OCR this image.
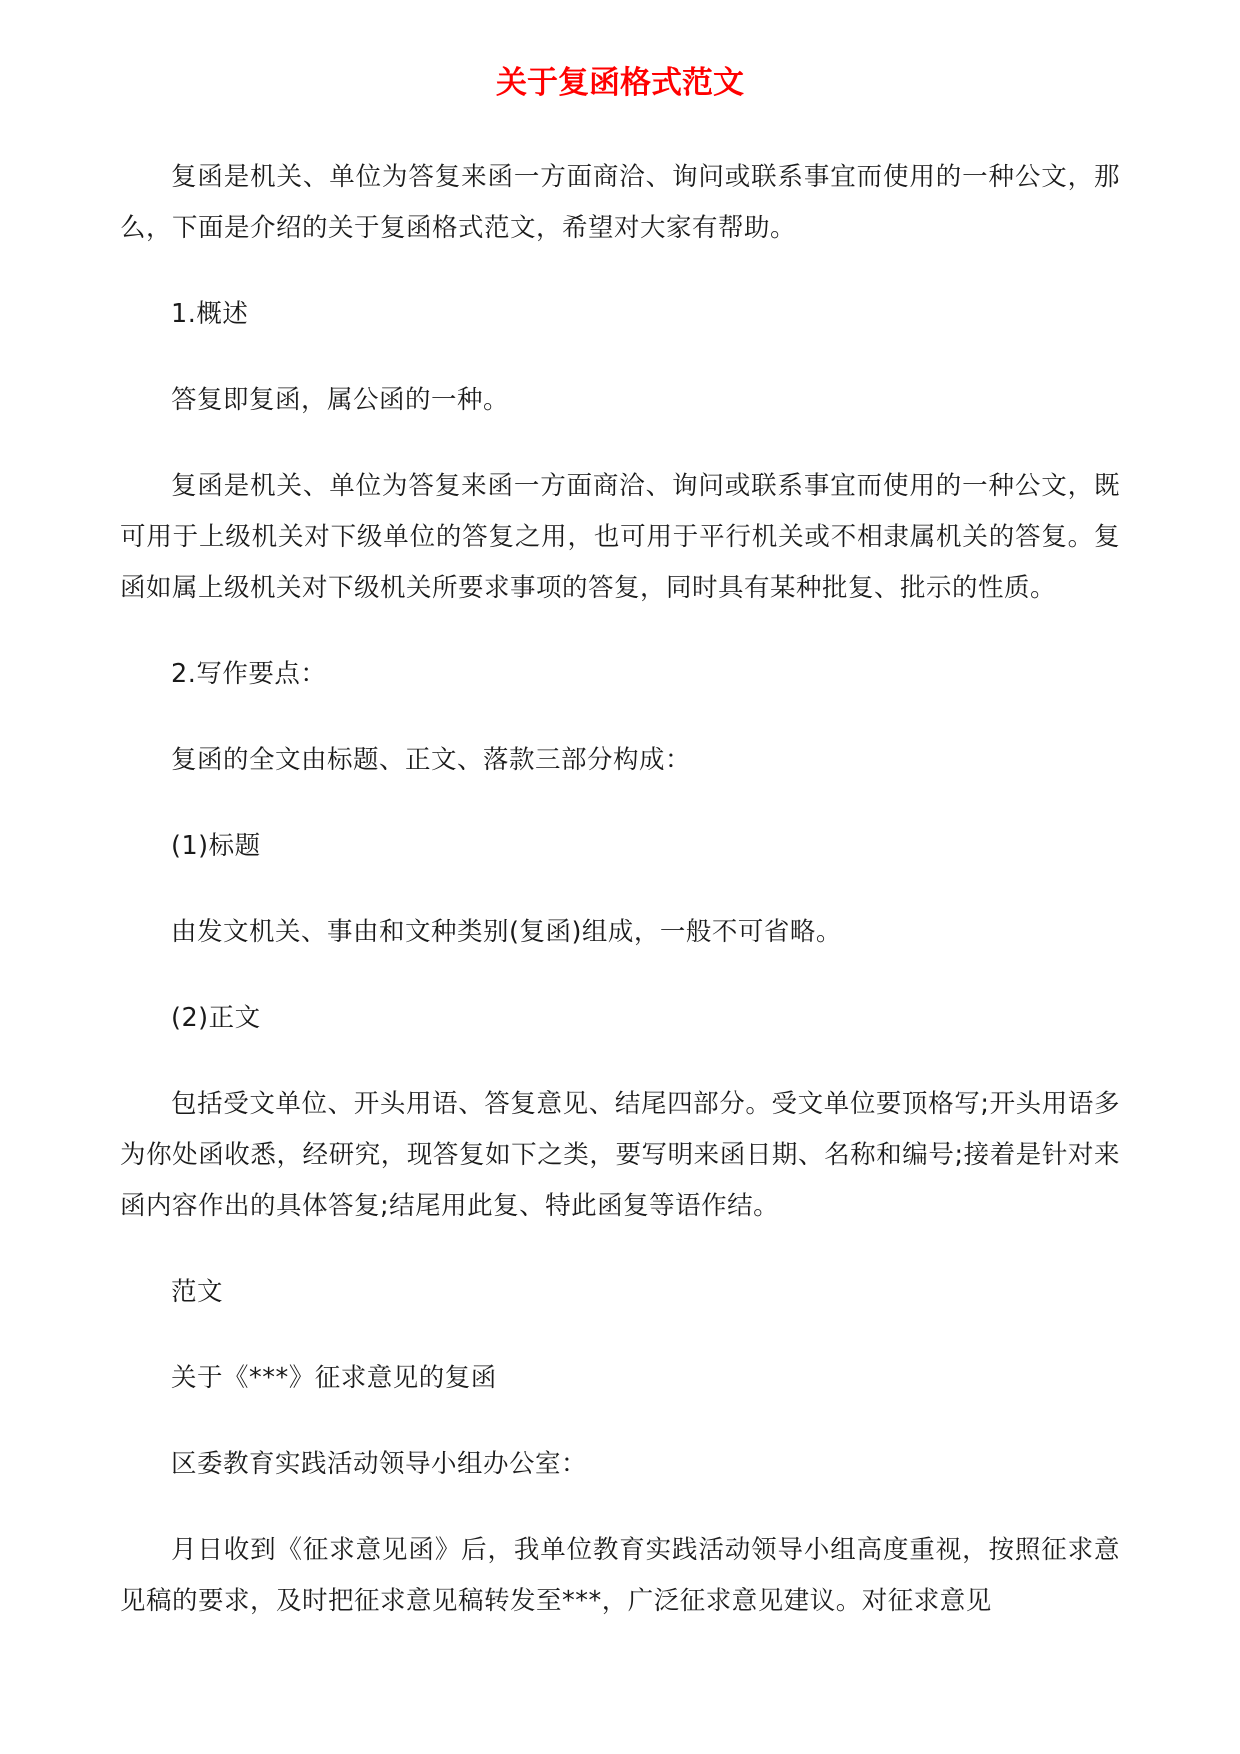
关于复函格式范文

复函是机关、单位为答复来函一方面商洽、询问或联系事宜而使用的一种公文，那么，下面是介绍的关于复函格式范文，希望对大家有帮助。

1.概述

答复即复函，属公函的一种。

复函是机关、单位为答复来函一方面商洽、询问或联系事宜而使用的一种公文，既可用于上级机关对下级单位的答复之用，也可用于平行机关或不相隶属机关的答复。复函如属上级机关对下级机关所要求事项的答复，同时具有某种批复、批示的性质。

2.写作要点：

复函的全文由标题、正文、落款三部分构成：

(1)标题

由发文机关、事由和文种类别(复函)组成，一般不可省略。

(2)正文

包括受文单位、开头用语、答复意见、结尾四部分。受文单位要顶格写;开头用语多为你处函收悉，经研究，现答复如下之类，要写明来函日期、名称和编号;接着是针对来函内容作出的具体答复;结尾用此复、特此函复等语作结。

范文

关于《***》征求意见的复函

区委教育实践活动领导小组办公室：

月日收到《征求意见函》后，我单位教育实践活动领导小组高度重视，按照征求意见稿的要求，及时把征求意见稿转发至***，广泛征求意见建议。对征求意见
